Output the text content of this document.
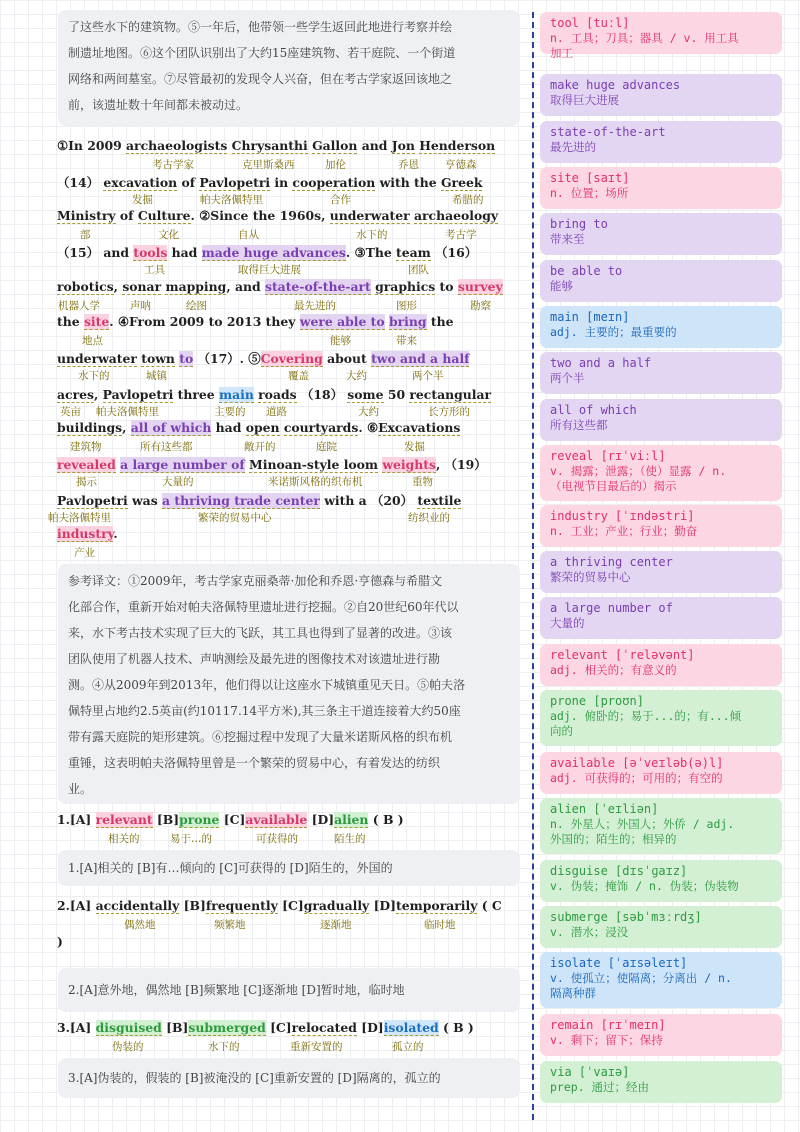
了这些水下的建筑物。⑤一年后，他带领一些学生返回此地进行考察并绘
制遗址地图。⑥这个团队识别出了大约15座建筑物、若干庭院、一个街道
网络和两间墓室。⑦尽管最初的发现令人兴奋，但在考古学家返回该地之
前，该遗址数十年间都未被动过。
①In 2009 archaeologists Chrysanthi Gallon and Jon Henderson
考古学家	克里斯桑西	加伦	乔恩 亨德森
（14） excavation of Pavlopetri in cooperation with the Greek
发掘	帕夫洛佩特里	合作	希腊的
Ministry of Culture. ②Since the 1960s, underwater archaeology
部	文化	自从	水下的	考古学
（15） and tools had made huge advances. ③The team （16）
工具	取得巨大进展	团队
robotics, sonar mapping, and state-of-the-art graphics to survey
机器人学	声呐	绘图	最先进的	图形	勘察
the site. ④From 2009 to 2013 they were able to bring the
地点	能够	带来
underwater town to （17）. ⑤Covering about two and a half
水下的	城镇	覆盖	大约	两个半
acres, Pavlopetri three main roads （18） some 50 rectangular
英亩 帕夫洛佩特里	主要的 道路	大约	长方形的
buildings, all of which had open courtyards. ⑥Excavations
建筑物	所有这些都	敞开的	庭院	发掘
revealed a large number of Minoan-style loom weights, （19）
揭示	大量的	米诺斯风格的织布机	重物
Pavlopetri was a thriving trade center with a （20） textile
帕夫洛佩特里	繁荣的贸易中心	纺织业的
industry.
产业
参考译文：①2009年，考古学家克丽桑蒂·加伦和乔恩·亨德森与希腊文
化部合作，重新开始对帕夫洛佩特里遗址进行挖掘。②自20世纪60年代以
来，水下考古技术实现了巨大的飞跃，其工具也得到了显著的改进。③该
团队使用了机器人技术、声呐测绘及最先进的图像技术对该遗址进行勘
测。④从2009年到2013年，他们得以让这座水下城镇重见天日。⑤帕夫洛
佩特里占地约2.5英亩(约10117.14平方米),其三条主干道连接着大约50座
带有露天庭院的矩形建筑。⑥挖掘过程中发现了大量米诺斯风格的织布机
重锤，这表明帕夫洛佩特里曾是一个繁荣的贸易中心，有着发达的纺织
业。
1.[A] relevant [B]prone [C]available [D]alien ( B )
相关的	易于…的	可获得的	陌生的
1.[A]相关的 [B]有…倾向的 [C]可获得的 [D]陌生的，外国的
2.[A] accidentally [B]frequently [C]gradually [D]temporarily ( C
偶然地	频繁地	逐渐地	临时地
)
2.[A]意外地，偶然地 [B]频繁地 [C]逐渐地 [D]暂时地，临时地
3.[A] disguised [B]submerged [C]relocated [D]isolated ( B )
伪装的	水下的	重新安置的	孤立的
3.[A]伪装的，假装的 [B]被淹没的 [C]重新安置的 [D]隔离的，孤立的
tool [tuːl]
n. 工具；刀具；器具 / v. 用工具
加工
make huge advances
取得巨大进展
state-of-the-art
最先进的
site [saɪt]
n. 位置；场所
bring to
带来至
be able to
能够
main [meɪn]
adj. 主要的；最重要的
two and a half
两个半
all of which
所有这些都
reveal [rɪˈviːl]
v. 揭露；泄露；（使）显露 / n.
（电视节目最后的）揭示
industry [ˈɪndəstri]
n. 工业；产业；行业；勤奋
a thriving center
繁荣的贸易中心
a large number of
大量的
relevant [ˈreləvənt]
adj. 相关的；有意义的
prone [proʊn]
adj. 俯卧的；易于...的；有...倾
向的
available [əˈveɪləb(ə)l]
adj. 可获得的；可用的；有空的
alien [ˈeɪliən]
n. 外星人；外国人；外侨 / adj.
外国的；陌生的；相异的
disguise [dɪsˈɡaɪz]
v. 伪装；掩饰 / n. 伪装；伪装物
submerge [səbˈmɜːrdʒ]
v. 潜水；浸没
isolate [ˈaɪsəleɪt]
v. 使孤立；使隔离；分离出 / n.
隔离种群
remain [rɪˈmeɪn]
v. 剩下；留下；保持
via [ˈvaɪə]
prep. 通过；经由
